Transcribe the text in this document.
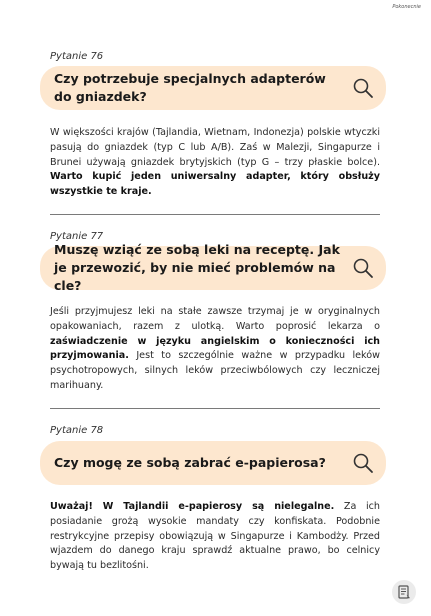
Pokonecnie
Pytanie 76
Czy potrzebuje specjalnych adapterów do gniazdek?
W większości krajów (Tajlandia, Wietnam, Indonezja) polskie wtyczki pasują do gniazdek (typ C lub A/B). Zaś w Malezji, Singapurze i Brunei używają gniazdek brytyjskich (typ G – trzy płaskie bolce). Warto kupić jeden uniwersalny adapter, który obsłuży wszystkie te kraje.
Pytanie 77
Muszę wziąć ze sobą leki na receptę. Jak je przewozić, by nie mieć problemów na cle?
Jeśli przyjmujesz leki na stałe zawsze trzymaj je w oryginalnych opakowaniach, razem z ulotką. Warto poprosić lekarza o zaświadczenie w języku angielskim o konieczności ich przyjmowania. Jest to szczególnie ważne w przypadku leków psychotropowych, silnych leków przeciwbólowych czy leczniczej marihuany.
Pytanie 78
Czy mogę ze sobą zabrać e-papierosa?
Uważaj! W Tajlandii e-papierosy są nielegalne. Za ich posiadanie grożą wysokie mandaty czy konfiskata. Podobnie restrykcyjne przepisy obowiązują w Singapurze i Kambodży. Przed wjazdem do danego kraju sprawdź aktualne prawo, bo celnicy bywają tu bezlitośni.
